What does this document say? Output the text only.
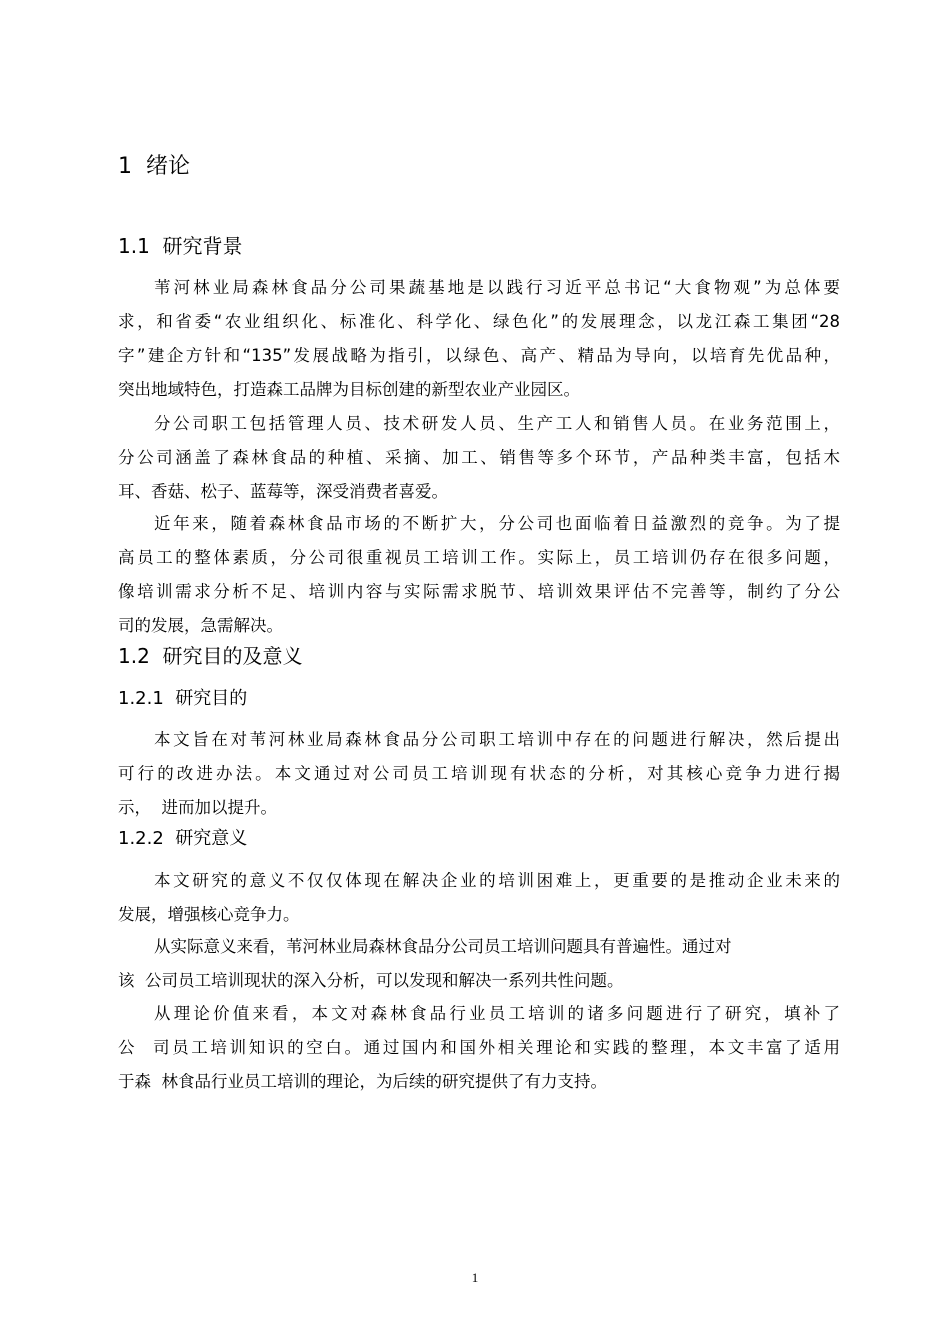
1 绪论
1.1 研究背景
苇河林业局森林食品分公司果蔬基地是以践行习近平总书记“大食物观”为总体要
求，和省委“农业组织化、标准化、科学化、绿色化”的发展理念，以龙江森工集团“28
字”建企方针和“135”发展战略为指引，以绿色、高产、精品为导向，以培育先优品种，
突出地域特色，打造森工品牌为目标创建的新型农业产业园区。
分公司职工包括管理人员、技术研发人员、生产工人和销售人员。在业务范围上，
分公司涵盖了森林食品的种植、采摘、加工、销售等多个环节，产品种类丰富，包括木
耳、香菇、松子、蓝莓等，深受消费者喜爱。
近年来，随着森林食品市场的不断扩大，分公司也面临着日益激烈的竞争。为了提
高员工的整体素质，分公司很重视员工培训工作。实际上，员工培训仍存在很多问题，
像培训需求分析不足、培训内容与实际需求脱节、培训效果评估不完善等，制约了分公
司的发展，急需解决。
1.2 研究目的及意义
1.2.1 研究目的
本文旨在对苇河林业局森林食品分公司职工培训中存在的问题进行解决，然后提出
可行的改进办法。本文通过对公司员工培训现有状态的分析，对其核心竞争力进行揭
示，  进而加以提升。
1.2.2 研究意义
本文研究的意义不仅仅体现在解决企业的培训困难上，更重要的是推动企业未来的
发展，增强核心竞争力。
从实际意义来看，苇河林业局森林食品分公司员工培训问题具有普遍性。通过对
该  公司员工培训现状的深入分析，可以发现和解决一系列共性问题。
从理论价值来看，本文对森林食品行业员工培训的诸多问题进行了研究，填补了
公  司员工培训知识的空白。通过国内和国外相关理论和实践的整理，本文丰富了适用
于森  林食品行业员工培训的理论，为后续的研究提供了有力支持。
1
